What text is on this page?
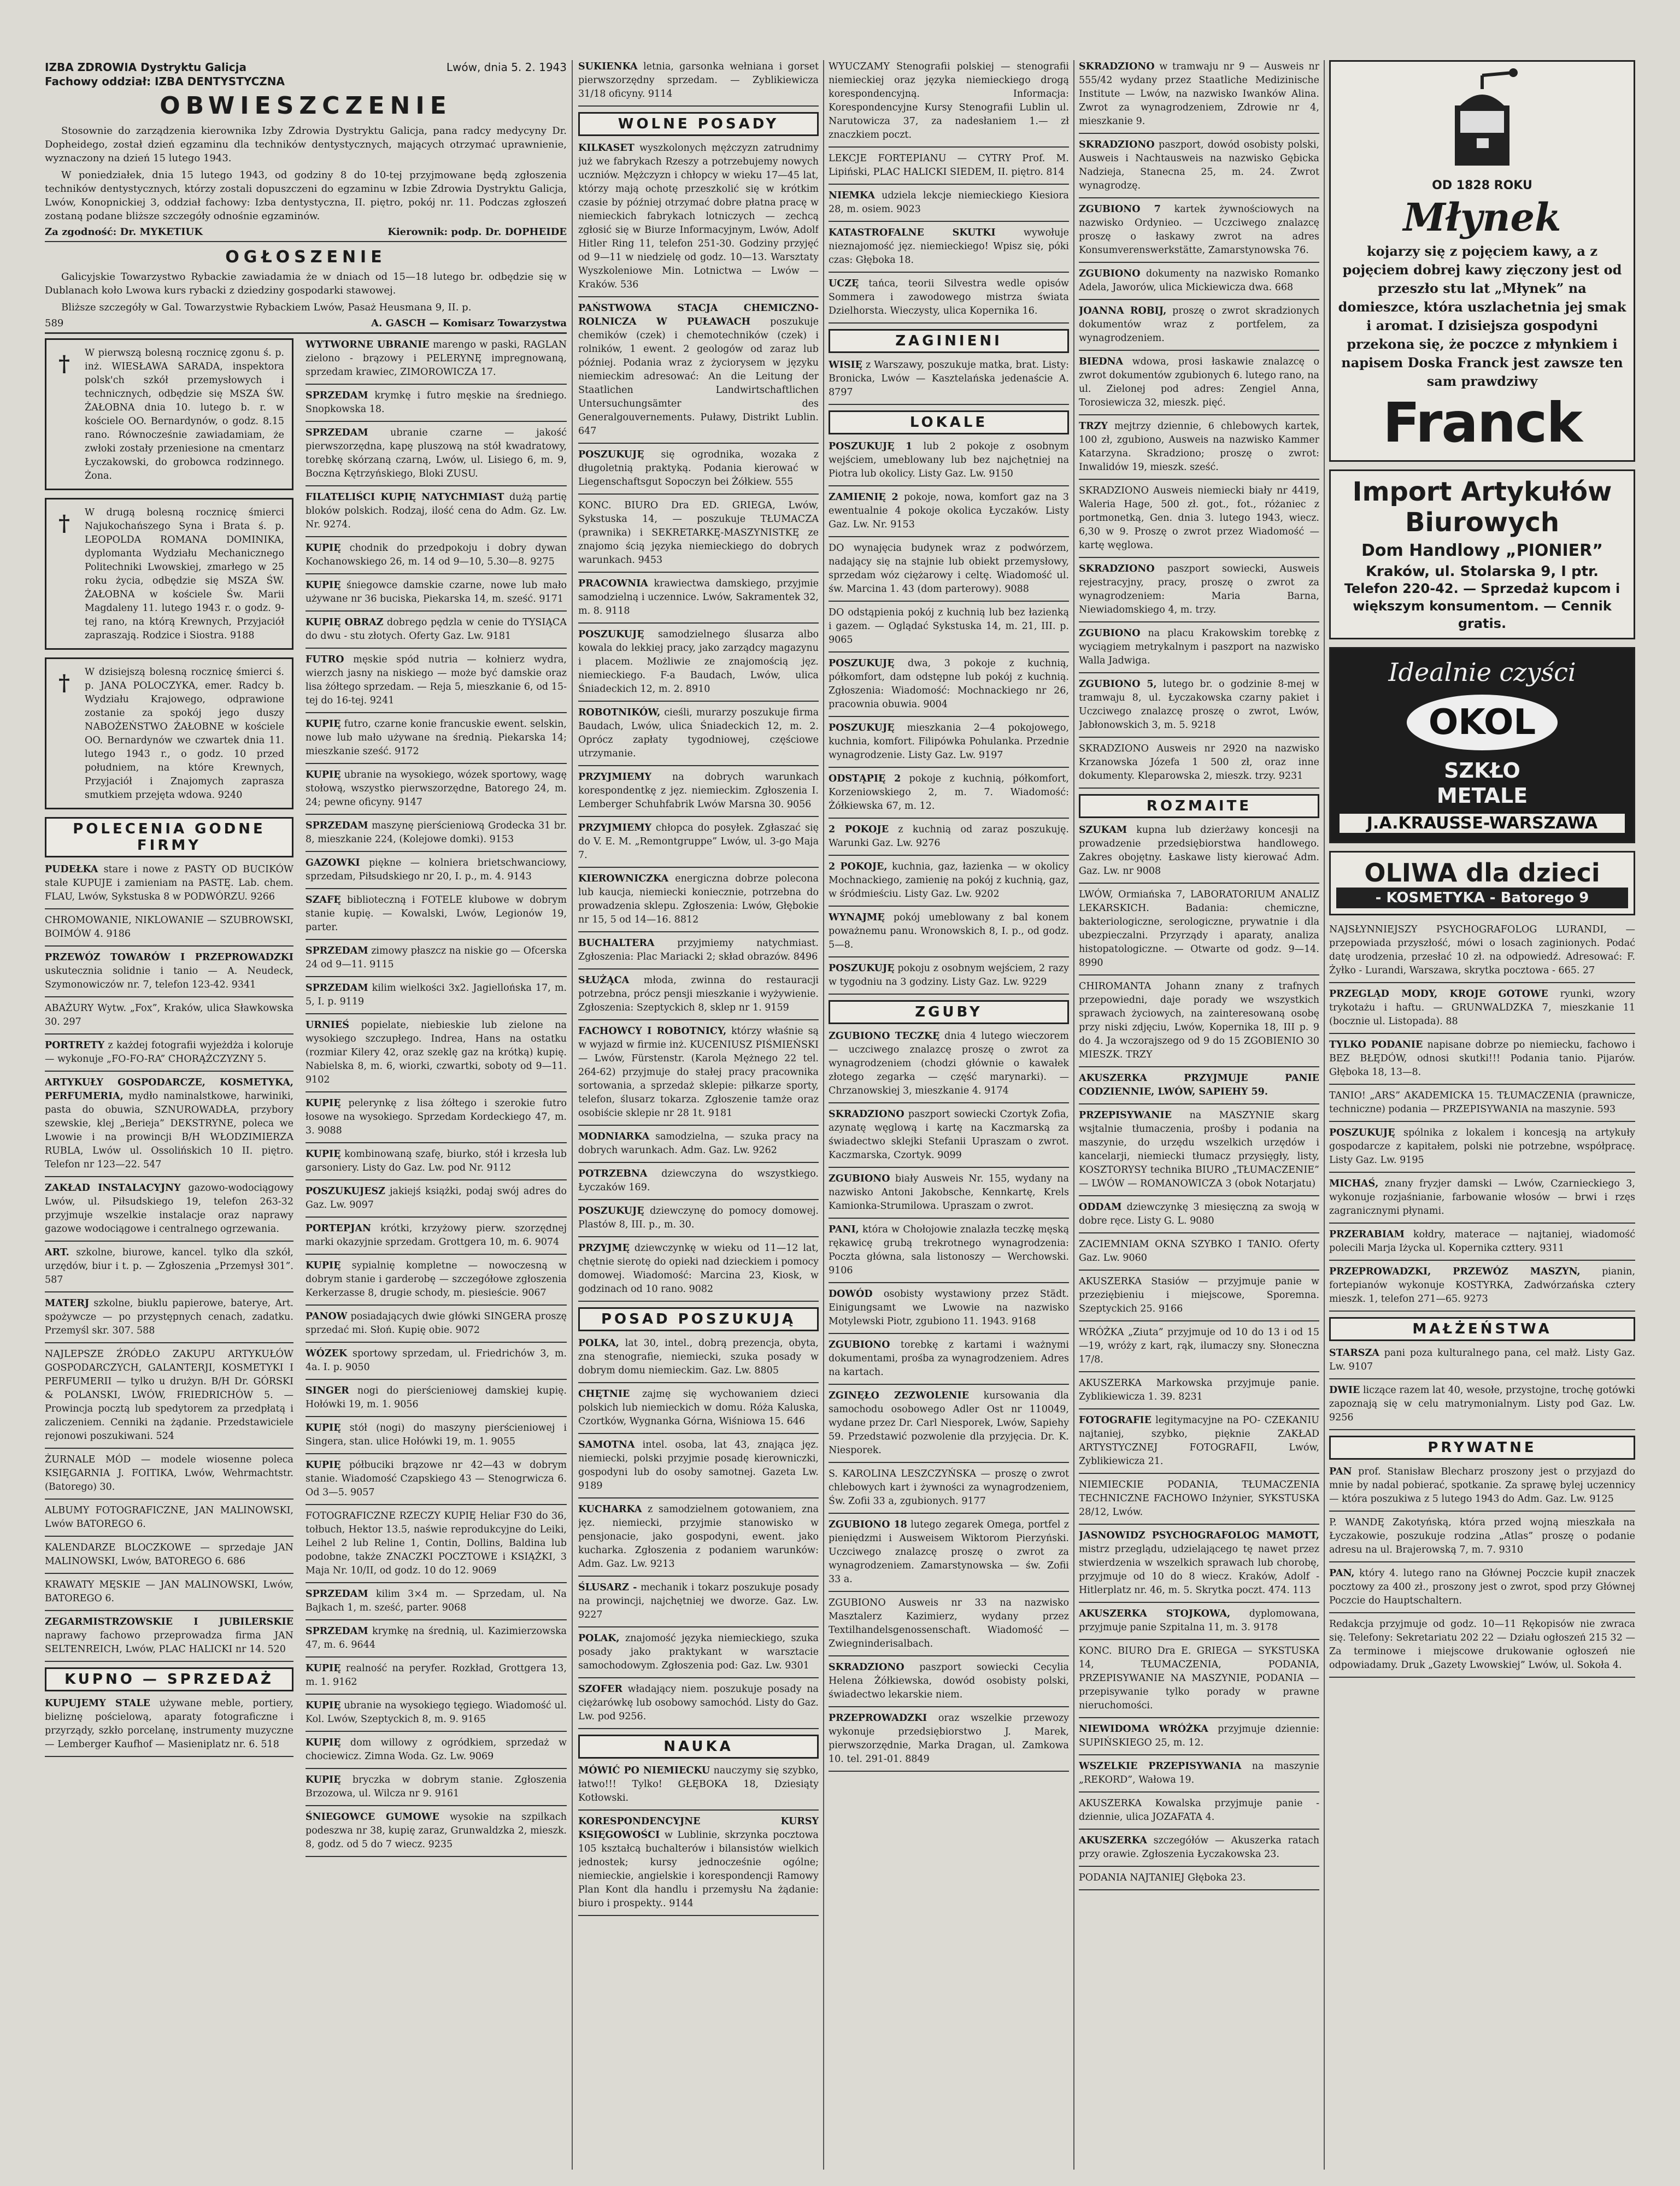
IZBA ZDROWIA Dystryktu Galicja
Fachowy oddział: IZBA DENTYSTYCZNA
Lwów, dnia 5. 2. 1943
OBWIESZCZENIE

Stosownie do zarządzenia kierownika Izby Zdrowia Dystryktu Galicja, pana radcy medycyny Dr. Dopheidego, został dzień egzaminu dla techników dentystycznych, mających otrzymać uprawnienie, wyznaczony na dzień 15 lutego 1943.

W poniedziałek, dnia 15 lutego 1943, od godziny 8 do 10-tej przyjmowane będą zgłoszenia techników dentystycznych, którzy zostali dopuszczeni do egzaminu w Izbie Zdrowia Dystryktu Galicja, Lwów, Konopnickiej 3, oddział fachowy: Izba dentystyczna, II. piętro, pokój nr. 11. Podczas zgłoszeń zostaną podane bliższe szczegóły odnośnie egzaminów.

Za zgodność: Dr. MYKETIUK	Kierownik: podp. Dr. DOPHEIDE
OGŁOSZENIE

Galicyjskie Towarzystwo Rybackie zawiadamia że w dniach od 15—18 lutego br. odbędzie się w Dublanach koło Lwowa kurs rybacki z dziedziny gospodarki stawowej.

Bliższe szczegóły w Gal. Towarzystwie Rybackiem Lwów, Pasaż Heusmana 9, II. p.

589	A. GASCH — Komisarz Towarzystwa
† W pierwszą bolesną rocznicę zgonu ś. p. inż. WIESŁAWA SARADA, inspektora polsk'ch szkół przemysłowych i technicznych, odbędzie się MSZA ŚW. ŻAŁOBNA dnia 10. lutego b. r. w kościele OO. Bernardynów, o godz. 8.15 rano. Równocześnie zawiadamiam, że zwłoki zostały przeniesione na cmentarz Łyczakowski, do grobowca rodzinnego. Żona.
† W drugą bolesną rocznicę śmierci Najukochańszego Syna i Brata ś. p. LEOPOLDA ROMANA DOMINIKA, dyplomanta Wydziału Mechanicznego Politechniki Lwowskiej, zmarłego w 25 roku życia, odbędzie się MSZA ŚW. ŻAŁOBNA w kościele Św. Marii Magdaleny 11. lutego 1943 r. o godz. 9-tej rano, na którą Krewnych, Przyjaciół zapraszają. Rodzice i Siostra. 9188
† W dzisiejszą bolesną rocznicę śmierci ś. p. JANA POLOCZYKA, emer. Radcy b. Wydziału Krajowego, odprawione zostanie za spokój jego duszy NABOŻEŃSTWO ŻAŁOBNE w kościele OO. Bernardynów we czwartek dnia 11. lutego 1943 r., o godz. 10 przed południem, na które Krewnych, Przyjaciół i Znajomych zaprasza smutkiem przejęta wdowa. 9240
POLECENIA GODNE FIRMY

PUDEŁKA stare i nowe z PASTY OD BUCIKÓW stale KUPUJE i zamieniam na PASTĘ. Lab. chem. FLAU, Lwów, Sykstuska 8 w PODWÓRZU. 9266

CHROMOWANIE, NIKLOWANIE — SZUBROWSKI, BOIMÓW 4. 9186

PRZEWÓZ TOWARÓW I PRZEPROWADZKI uskutecznia solidnie i tanio — A. Neudeck, Szymonowiczów nr. 7, telefon 123-42. 9341

ABAŻURY Wytw. „Fox”, Kraków, ulica Sławkowska 30. 297

PORTRETY z każdej fotografii wyjeżdża i koloruje — wykonuje „FO-FO-RA” CHORĄŻCZYZNY 5.

ARTYKUŁY GOSPODARCZE, KOSMETYKA, PERFUMERIA, mydło naminalstkowe, harwiniki, pasta do obuwia, SZNUROWADŁA, przybory szewskie, klej „Berieja” DEKSTRYNE, poleca we Lwowie i na prowincji B/H WŁODZIMIERZA RUBLA, Lwów ul. Ossolińskich 10 II. piętro. Telefon nr 123—22. 547

ZAKŁAD INSTALACYJNY gazowo-wodociągowy Lwów, ul. Piłsudskiego 19, telefon 263-32 przyjmuje wszelkie instalacje oraz naprawy gazowe wodociągowe i centralnego ogrzewania.

ART. szkolne, biurowe, kancel. tylko dla szkół, urzędów, biur i t. p. — Zgłoszenia „Przemysł 301”. 587

MATERJ szkolne, biuklu papierowe, baterye, Art. spożywcze — po przystępnych cenach, zadatku. Przemyśl skr. 307. 588

NAJLEPSZE ŹRÓDŁO ZAKUPU ARTYKUŁÓW GOSPODARCZYCH, GALANTERJI, KOSMETYKI I PERFUMERII — tylko u drużyn. B/H Dr. GÓRSKI & POLANSKI, LWÓW, FRIEDRICHÓW 5. — Prowincja pocztą lub spedytorem za przedpłatą i zaliczeniem. Cenniki na żądanie. Przedstawiciele rejonowi poszukiwani. 524

ŻURNALE MÓD — modele wiosenne poleca KSIĘGARNIA J. FOITIKA, Lwów, Wehrmachtstr. (Batorego) 30.

ALBUMY FOTOGRAFICZNE, JAN MALINOWSKI, Lwów BATOREGO 6.

KALENDARZE BLOCZKOWE — sprzedaje JAN MALINOWSKI, Lwów, BATOREGO 6. 686

KRAWATY MĘSKIE — JAN MALINOWSKI, Lwów, BATOREGO 6.

ZEGARMISTRZOWSKIE I JUBILERSKIE naprawy fachowo przeprowadza firma JAN SELTENREICH, Lwów, PLAC HALICKI nr 14. 520

KUPNO — SPRZEDAŻ

KUPUJEMY STALE używane meble, portiery, bieliznę pościelową, aparaty fotograficzne i przyrządy, szkło porcelanę, instrumenty muzyczne — Lemberger Kaufhof — Masieniplatz nr. 6. 518

WYTWORNE UBRANIE marengo w paski, RAGLAN zielono - brązowy i PELERYNĘ impregnowaną, sprzedam krawiec, ZIMOROWICZA 17.

SPRZEDAM krymkę i futro męskie na średniego. Snopkowska 18.

SPRZEDAM ubranie czarne — jakość pierwszorzędna, kapę pluszową na stół kwadratowy, torebkę skórzaną czarną, Lwów, ul. Lisiego 6, m. 9, Boczna Kętrzyńskiego, Bloki ZUSU.

FILATELIŚCI KUPIĘ NATYCHMIAST dużą partię bloków polskich. Rodzaj, ilość cena do Adm. Gz. Lw. Nr. 9274.

KUPIĘ chodnik do przedpokoju i dobry dywan Kochanowskiego 26, m. 14 od 9—10, 5.30—8. 9275

KUPIĘ śniegowce damskie czarne, nowe lub mało używane nr 36 buciska, Piekarska 14, m. sześć. 9171

KUPIĘ OBRAZ dobrego pędzla w cenie do TYSIĄCA do dwu - stu złotych. Oferty Gaz. Lw. 9181

FUTRO męskie spód nutria — kołnierz wydra, wierzch jasny na niskiego — może być damskie oraz lisa żółtego sprzedam. — Reja 5, mieszkanie 6, od 15-tej do 16-tej. 9241

KUPIĘ futro, czarne konie francuskie ewent. selskin, nowe lub mało używane na średnią. Piekarska 14; mieszkanie sześć. 9172

KUPIĘ ubranie na wysokiego, wózek sportowy, wagę stołową, wszystko pierwszorzędne, Batorego 24, m. 24; pewne oficyny. 9147

SPRZEDAM maszynę pierścieniową Grodecka 31 br. 8, mieszkanie 224, (Kolejowe domki). 9153

GAZOWKI piękne — kolniera brietschwanciowy, sprzedam, Piłsudskiego nr 20, I. p., m. 4. 9143

SZAFĘ biblioteczną i FOTELE klubowe w dobrym stanie kupię. — Kowalski, Lwów, Legionów 19, parter.

SPRZEDAM zimowy płaszcz na niskie go — Ofcerska 24 od 9—11. 9115

SPRZEDAM kilim wielkości 3x2. Jagiellońska 17, m. 5, I. p. 9119

URNIEŚ popielate, niebieskie lub zielone na wysokiego szczupłego. Indrea, Hans na ostatku (rozmiar Kilery 42, oraz szeklę gaz na krótką) kupię. Nabielska 8, m. 6, wiorki, czwartki, soboty od 9—11. 9102

KUPIĘ pelerynkę z lisa żółtego i szerokie futro łosowe na wysokiego. Sprzedam Kordeckiego 47, m. 3. 9088

KUPIĘ kombinowaną szafę, biurko, stół i krzesła lub garsoniery. Listy do Gaz. Lw. pod Nr. 9112

POSZUKUJESZ jakiejś książki, podaj swój adres do Gaz. Lw. 9097

PORTEPJAN krótki, krzyżowy pierw. szorzędnej marki okazyjnie sprzedam. Grottgera 10, m. 6. 9074

KUPIĘ sypialnię kompletne — nowoczesną w dobrym stanie i garderobę — szczegółowe zgłoszenia Kerkerzasse 8, drugie schody, m. piesieście. 9067

PANOW posiadających dwie główki SINGERA proszę sprzedać mi. Słoń. Kupię obie. 9072

WÓZEK sportowy sprzedam, ul. Friedrichów 3, m. 4a. I. p. 9050

SINGER nogi do pierścieniowej damskiej kupię. Hołówki 19, m. 1. 9056

KUPIĘ stół (nogi) do maszyny pierścieniowej i Singera, stan. ulice Hołówki 19, m. 1. 9055

KUPIĘ półbuciki brązowe nr 42—43 w dobrym stanie. Wiadomość Czapskiego 43 — Stenogrwicza 6. Od 3—5. 9057

FOTOGRAFICZNE RZECZY KUPIĘ Heliar F30 do 36, tołbuch, Hektor 13.5, naświe reprodukcyjne do Leiki, Leihel 2 lub Reline 1, Contin, Dollins, Baldina lub podobne, także ZNACZKI POCZTOWE i KSIĄŻKI, 3 Maja Nr. 10/II, od godz. 10 do 12. 9069

SPRZEDAM kilim 3×4 m. — Sprzedam, ul. Na Bajkach 1, m. sześć, parter. 9068

SPRZEDAM krymkę na średnią, ul. Kazimierzowska 47, m. 6. 9644

KUPIĘ realność na peryfer. Rozkład, Grottgera 13, m. 1. 9162

KUPIĘ ubranie na wysokiego tęgiego. Wiadomość ul. Kol. Lwów, Szeptyckich 8, m. 9. 9165

KUPIĘ dom willowy z ogródkiem, sprzedaż w chociewicz. Zimna Woda. Gz. Lw. 9069

KUPIĘ bryczka w dobrym stanie. Zgłoszenia Brzozowa, ul. Wilcza nr 9. 9161

ŚNIEGOWCE GUMOWE wysokie na szpilkach podeszwa nr 38, kupię zaraz, Grunwaldzka 2, mieszk. 8, godz. od 5 do 7 wiecz. 9235

SUKIENKA letnia, garsonka wełniana i gorset pierwszorzędny sprzedam. — Zyblikiewicza 31/18 oficyny. 9114

WOLNE POSADY

KILKASET wyszkolonych mężczyzn zatrudnimy już we fabrykach Rzeszy a potrzebujemy nowych uczniów. Mężczyzn i chłopcy w wieku 17—45 lat, którzy mają ochotę przeszkolić się w krótkim czasie by później otrzymać dobre płatna pracę w niemieckich fabrykach lotniczych — zechcą zgłosić się w Biurze Informacyjnym, Lwów, Adolf Hitler Ring 11, telefon 251-30. Godziny przyjęć od 9—11 w niedzielę od godz. 10—13. Warsztaty Wyszkoleniowe Min. Lotnictwa — Lwów — Kraków. 536

PAŃSTWOWA STACJA CHEMICZNO-ROLNICZA W PUŁAWACH poszukuje chemików (czek) i chemotechników (czek) i rolników, 1 ewent. 2 geologów od zaraz lub później. Podania wraz z życiorysem w języku niemieckim adresować: An die Leitung der Staatlichen Landwirtschaftlichen Untersuchungsämter des Generalgouvernements. Puławy, Distrikt Lublin. 647

POSZUKUJĘ się ogrodnika, wozaka z długoletnią praktyką. Podania kierować w Liegenschaftsgut Sopoczyn bei Żółkiew. 555

KONC. BIURO Dra ED. GRIEGA, Lwów, Sykstuska 14, — poszukuje TŁUMACZA (prawnika) i SEKRETARKĘ-MASZYNISTKĘ ze znajomo ścią języka niemieckiego do dobrych warunkach. 9453

PRACOWNIA krawiectwa damskiego, przyjmie samodzielną i uczennice. Lwów, Sakramentek 32, m. 8. 9118

POSZUKUJĘ samodzielnego ślusarza albo kowala do lekkiej pracy, jako zarządcy magazynu i placem. Możliwie ze znajomością jęz. niemieckiego. F-a Baudach, Lwów, ulica Śniadeckich 12, m. 2. 8910

ROBOTNIKÓW, cieśli, murarzy poszukuje firma Baudach, Lwów, ulica Śniadeckich 12, m. 2. Oprócz zapłaty tygodniowej, częściowe utrzymanie.

PRZYJMIEMY na dobrych warunkach korespondentkę z jęz. niemieckim. Zgłoszenia I. Lemberger Schuhfabrik Lwów Marsna 30. 9056

PRZYJMIEMY chłopca do posyłek. Zgłaszać się do V. E. M. „Remontgruppe” Lwów, ul. 3-go Maja 7.

KIEROWNICZKA energiczna dobrze polecona lub kaucja, niemiecki koniecznie, potrzebna do prowadzenia sklepu. Zgłoszenia: Lwów, Głębokie nr 15, 5 od 14—16. 8812

BUCHALTERA przyjmiemy natychmiast. Zgłoszenia: Plac Mariacki 2; skład obrazów. 8496

SŁUŻĄCA młoda, zwinna do restauracji potrzebna, prócz pensji mieszkanie i wyżywienie. Zgłoszenia: Szeptyckich 8, sklep nr 1. 9159

FACHOWCY I ROBOTNICY, którzy właśnie są w wyjazd w firmie inż. KUCENIUSZ PIŚMIEŃSKI — Lwów, Fürstenstr. (Karola Mężnego 22 tel. 264-62) przyjmuje do stałej pracy pracownika sortowania, a sprzedaż sklepie: piłkarze sporty, telefon, ślusarz tokarza. Zgłoszenie tamże oraz osobiście sklepie nr 28 1t. 9181

MODNIARKA samodzielna, — szuka pracy na dobrych warunkach. Adm. Gaz. Lw. 9262

POTRZEBNA dziewczyna do wszystkiego. Łyczaków 169.

POSZUKUJĘ dziewczynę do pomocy domowej. Plastów 8, III. p., m. 30.

PRZYJMĘ dziewczynkę w wieku od 11—12 lat, chętnie sierotę do opieki nad dzieckiem i pomocy domowej. Wiadomość: Marcina 23, Kiosk, w godzinach od 10 rano. 9082

POSAD POSZUKUJĄ

POLKA, lat 30, intel., dobrą prezencja, obyta, zna stenografie, niemiecki, szuka posady w dobrym domu niemieckim. Gaz. Lw. 8805

CHĘTNIE zajmę się wychowaniem dzieci polskich lub niemieckich w domu. Róża Kaluska, Czortków, Wygnanka Górna, Wiśniowa 15. 646

SAMOTNA intel. osoba, lat 43, znająca jęz. niemiecki, polski przyjmie posadę kierowniczki, gospodyni lub do osoby samotnej. Gazeta Lw. 9189

KUCHARKA z samodzielnem gotowaniem, zna jęz. niemiecki, przyjmie stanowisko w pensjonacie, jako gospodyni, ewent. jako kucharka. Zgłoszenia z podaniem warunków: Adm. Gaz. Lw. 9213

ŚLUSARZ - mechanik i tokarz poszukuje posady na prowincji, najchętniej we dworze. Gaz. Lw. 9227

POLAK, znajomość języka niemieckiego, szuka posady jako praktykant w warsztacie samochodowym. Zgłoszenia pod: Gaz. Lw. 9301

SZOFER władający niem. poszukuje posady na ciężarówkę lub osobowy samochód. Listy do Gaz. Lw. pod 9256.

NAUKA

MÓWIĆ PO NIEMIECKU nauczymy się szybko, łatwo!!! Tylko! GŁĘBOKA 18, Dziesiąty Kotłowski.

KORESPONDENCYJNE KURSY KSIĘGOWOŚCI w Lublinie, skrzynka pocztowa 105 kształcą buchalterów i bilansistów wielkich jednostek; kursy jednocześnie ogólne; niemieckie, angielskie i korespondencji Ramowy Plan Kont dla handlu i przemysłu Na żądanie: biuro i prospekty.. 9144

WYUCZAMY Stenografii polskiej — stenografii niemieckiej oraz języka niemieckiego drogą korespondencyjną. Informacja: Korespondencyjne Kursy Stenografii Lublin ul. Narutowicza 37, za nadesłaniem 1.— zł znaczkiem poczt.

LEKCJE FORTEPIANU — CYTRY Prof. M. Lipiński, PLAC HALICKI SIEDEM, II. piętro. 814

NIEMKA udziela lekcje niemieckiego Kiesiora 28, m. osiem. 9023

KATASTROFALNE SKUTKI wywołuje nieznajomość jęz. niemieckiego! Wpisz się, póki czas: Głęboka 18.

UCZĘ tańca, teorii Silvestra wedle opisów Sommera i zawodowego mistrza świata Dzielhorsta. Wieczysty, ulica Kopernika 16.

ZAGINIENI

WISIĘ z Warszawy, poszukuje matka, brat. Listy: Bronicka, Lwów — Kasztelańska jedenaście A. 8797

LOKALE

POSZUKUJĘ 1 lub 2 pokoje z osobnym wejściem, umeblowany lub bez najchętniej na Piotra lub okolicy. Listy Gaz. Lw. 9150

ZAMIENIĘ 2 pokoje, nowa, komfort gaz na 3 ewentualnie 4 pokoje okolica Łyczaków. Listy Gaz. Lw. Nr. 9153

DO wynajęcia budynek wraz z podwórzem, nadający się na stajnie lub obiekt przemysłowy, sprzedam wóz ciężarowy i celtę. Wiadomość ul. św. Marcina 1. 43 (dom parterowy). 9088

DO odstąpienia pokój z kuchnią lub bez łazienką i gazem. — Oglądać Sykstuska 14, m. 21, III. p. 9065

POSZUKUJĘ dwa, 3 pokoje z kuchnią, półkomfort, dam odstępne lub pokój z kuchnią. Zgłoszenia: Wiadomość: Mochnackiego nr 26, pracownia obuwia. 9004

POSZUKUJĘ mieszkania 2—4 pokojowego, kuchnia, komfort. Filipówka Pohulanka. Przednie wynagrodzenie. Listy Gaz. Lw. 9197

ODSTĄPIĘ 2 pokoje z kuchnią, półkomfort, Korzeniowskiego 2, m. 7. Wiadomość: Żółkiewska 67, m. 12.

2 POKOJE z kuchnią od zaraz poszukuję. Warunki Gaz. Lw. 9276

2 POKOJE, kuchnia, gaz, łazienka — w okolicy Mochnackiego, zamienię na pokój z kuchnią, gaz, w śródmieściu. Listy Gaz. Lw. 9202

WYNAJMĘ pokój umeblowany z bal konem poważnemu panu. Wronowskich 8, I. p., od godz. 5—8.

POSZUKUJĘ pokoju z osobnym wejściem, 2 razy w tygodniu na 3 godziny. Listy Gaz. Lw. 9229

ZGUBY

ZGUBIONO TECZKĘ dnia 4 lutego wieczorem — uczciwego znalazcę proszę o zwrot za wynagrodzeniem (chodzi głównie o kawałek złotego zegarka — część marynarki). — Chrzanowskiej 3, mieszkanie 4. 9174

SKRADZIONO paszport sowiecki Czortyk Zofia, azynatę węglową i kartę na Kaczmarską za świadectwo sklejki Stefanii Upraszam o zwrot. Kaczmarska, Czortyk. 9099

ZGUBIONO biały Ausweis Nr. 155, wydany na nazwisko Antoni Jakobsche, Kennkartę, Krels Kamionka-Strumilowa. Upraszam o zwrot.

PANI, która w Chołojowie znalazła teczkę męską rękawicę grubą trekrotnego wynagrodzenia: Poczta główna, sala listonoszy — Werchowski. 9106

DOWÓD osobisty wystawiony przez Städt. Einigungsamt we Lwowie na nazwisko Motylewski Piotr, zgubiono 11. 1943. 9168

ZGUBIONO torebkę z kartami i ważnymi dokumentami, prośba za wynagrodzeniem. Adres na kartach.

ZGINĘŁO ZEZWOLENIE kursowania dla samochodu osobowego Adler Ost nr 110049, wydane przez Dr. Carl Niesporek, Lwów, Sapiehy 59. Przedstawić pozwolenie dla przyjęcia. Dr. K. Niesporek.

S. KAROLINA LESZCZYŃSKA — proszę o zwrot chlebowych kart i żywności za wynagrodzeniem, Św. Zofii 33 a, zgubionych. 9177

ZGUBIONO 18 lutego zegarek Omega, portfel z pieniędzmi i Ausweisem Wiktorom Pierzyński. Uczciwego znalazcę proszę o zwrot za wynagrodzeniem. Zamarstynowska — św. Zofii 33 a.

ZGUBIONO Ausweis nr 33 na nazwisko Masztalerz Kazimierz, wydany przez Textilhandelsgenossenschaft. Wiadomość — Zwiegninderisalbach.

SKRADZIONO paszport sowiecki Cecylia Helena Żółkiewska, dowód osobisty polski, świadectwo lekarskie niem.

PRZEPROWADZKI oraz wszelkie przewozy wykonuje przedsiębiorstwo J. Marek, pierwszorzędnie, Marka Dragan, ul. Zamkowa 10. tel. 291-01. 8849

SKRADZIONO w tramwaju nr 9 — Ausweis nr 555/42 wydany przez Staatliche Medizinische Institute — Lwów, na nazwisko Iwanków Alina. Zwrot za wynagrodzeniem, Zdrowie nr 4, mieszkanie 9.

SKRADZIONO paszport, dowód osobisty polski, Ausweis i Nachtausweis na nazwisko Gębicka Nadzieja, Stanecna 25, m. 24. Zwrot wynagrodzę.

ZGUBIONO 7 kartek żywnościowych na nazwisko Ordynieo. — Uczciwego znalazcę proszę o łaskawy zwrot na adres Konsumverenswerkstätte, Zamarstynowska 76.

ZGUBIONO dokumenty na nazwisko Romanko Adela, Jaworów, ulica Mickiewicza dwa. 668

JOANNA ROBIJ, proszę o zwrot skradzionych dokumentów wraz z portfelem, za wynagrodzeniem.

BIEDNA wdowa, prosi łaskawie znalazcę o zwrot dokumentów zgubionych 6. lutego rano, na ul. Zielonej pod adres: Zengiel Anna, Torosiewicza 32, mieszk. pięć.

TRZY mejtrzy dziennie, 6 chlebowych kartek, 100 zł, zgubiono, Ausweis na nazwisko Kammer Katarzyna. Skradziono; proszę o zwrot: Inwalidów 19, mieszk. sześć.

SKRADZIONO Ausweis niemiecki biały nr 4419, Waleria Hage, 500 zł. got., fot., różaniec z portmonetką, Gen. dnia 3. lutego 1943, wiecz. 6,30 w 9. Proszę o zwrot przez Wiadomość — kartę węglowa.

SKRADZIONO paszport sowiecki, Ausweis rejestracyjny, pracy, proszę o zwrot za wynagrodzeniem: Maria Barna, Niewiadomskiego 4, m. trzy.

ZGUBIONO na placu Krakowskim torebkę z wyciągiem metrykalnym i paszport na nazwisko Walla Jadwiga.

ZGUBIONO 5, lutego br. o godzinie 8-mej w tramwaju 8, ul. Łyczakowska czarny pakiet i Uczciwego znalazcę proszę o zwrot, Lwów, Jabłonowskich 3, m. 5. 9218

SKRADZIONO Ausweis nr 2920 na nazwisko Krzanowska Józefa 1 500 zł, oraz inne dokumenty. Kleparowska 2, mieszk. trzy. 9231

ROZMAITE

SZUKAM kupna lub dzierżawy koncesji na prowadzenie przedsiębiorstwa handlowego. Zakres obojętny. Łaskawe listy kierować Adm. Gaz. Lw. nr 9008

LWÓW, Ormiańska 7, LABORATORIUM ANALIZ LEKARSKICH. Badania: chemiczne, bakteriologiczne, serologiczne, prywatnie i dla ubezpieczalni. Przyrządy i aparaty, analiza histopatologiczne. — Otwarte od godz. 9—14. 8990

CHIROMANTA Johann znany z trafnych przepowiedni, daje porady we wszystkich sprawach życiowych, na zainteresowaną osobę przy niski zdjęciu, Lwów, Kopernika 18, III p. 9 do 4. Ja wczorajszego od 9 do 15 ZGOBIENIO 30 MIESZK. TRZY

AKUSZERKA PRZYJMUJE PANIE CODZIENNIE, LWÓW, SAPIEHY 59.

PRZEPISYWANIE na MASZYNIE skarg wsjtalnie tłumaczenia, prośby i podania na maszynie, do urzędu wszelkich urzędów i kancelarji, niemiecki tłumacz przysięgły, listy, KOSZTORYSY technika BIURO „TŁUMACZENIE” — LWÓW — ROMANOWICZA 3 (obok Notarjatu)

ODDAM dziewczynkę 3 miesięczną za swoją w dobre ręce. Listy G. L. 9080

ZACIEMNIAM OKNA SZYBKO I TANIO. Oferty Gaz. Lw. 9060

AKUSZERKA Stasiów — przyjmuje panie w przeziębieniu i miejscowe, Sporemna. Szeptyckich 25. 9166

WRÓŻKA „Ziuta” przyjmuje od 10 do 13 i od 15—19, wróży z kart, rąk, ilumaczy sny. Słoneczna 17/8.

AKUSZERKA Markowska przyjmuje panie. Zyblikiewicza 1. 39. 8231

FOTOGRAFIE legitymacyjne na PO- CZEKANIU najtaniej, szybko, pięknie ZAKŁAD ARTYSTYCZNEJ FOTOGRAFII, Lwów, Zyblikiewicza 21.

NIEMIECKIE PODANIA, TŁUMACZENIA TECHNICZNE FACHOWO Inżynier, SYKSTUSKA 28/12, Lwów.

JASNOWIDZ PSYCHOGRAFOLOG MAMOTT, mistrz przeglądu, udzielającego tę nawet przez stwierdzenia w wszelkich sprawach lub chorobę, przyjmuje od 10 do 8 wiecz. Kraków, Adolf - Hitlerplatz nr. 46, m. 5. Skrytka poczt. 474. 113

AKUSZERKA STOJKOWA, dyplomowana, przyjmuje panie Szpitalna 11, m. 3. 9178

KONC. BIURO Dra E. GRIEGA — SYKSTUSKA 14, TŁUMACZENIA, PODANIA, PRZEPISYWANIE NA MASZYNIE, PODANIA — przepisywanie tylko porady w prawne nieruchomości.

NIEWIDOMA WRÓŻKA przyjmuje dziennie: SUPIŃSKIEGO 25, m. 12.

WSZELKIE PRZEPISYWANIA na maszynie „REKORD”, Wałowa 19.

AKUSZERKA Kowalska przyjmuje panie - dziennie, ulica JOZAFATA 4.

AKUSZERKA szczegółów — Akuszerka ratach przy orawie. Zgłoszenia Łyczakowska 23.

PODANIA NAJTANIEJ Głęboka 23.

OD 1828 ROKU
Młynek
kojarzy się z pojęciem kawy, a z pojęciem dobrej kawy zięczony jest od przeszło stu lat „Młynek” na domieszce, która uszlachetnia jej smak i aromat. I dzisiejsza gospodyni przekona się, że poczce z młynkiem i napisem Doska Franck jest zawsze ten sam prawdziwy
Franck
Import Artykułów Biurowych
Dom Handlowy „PIONIER”
Kraków, ul. Stolarska 9, I ptr.
Telefon 220-42. — Sprzedaż kupcom i większym konsumentom. — Cennik gratis.
Idealnie czyści
OKOL
SZKŁO
METALE
J.A.KRAUSSE-WARSZAWA
OLIWA dla dzieci
- KOSMETYKA - Batorego 9

NAJSŁYNNIEJSZY PSYCHOGRAFOLOG LURANDI, — przepowiada przyszłość, mówi o losach zaginionych. Podać datę urodzenia, przesłać 10 zł. na odpowiedź. Adresować: F. Żyłko - Lurandi, Warszawa, skrytka pocztowa - 665. 27

PRZEGLĄD MODY, KROJE GOTOWE ryunki, wzory trykotażu i haftu. — GRUNWALDZKA 7, mieszkanie 11 (bocznie ul. Listopada). 88

TYLKO PODANIE napisane dobrze po niemiecku, fachowo i BEZ BŁĘDÓW, odnosi skutki!!! Podania tanio. Pijarów. Głęboka 18, 13—8.

TANIO! „ARS” AKADEMICKA 15. TŁUMACZENIA (prawnicze, techniczne) podania — PRZEPISYWANIA na maszynie. 593

POSZUKUJĘ spólnika z lokalem i koncesją na artykuły gospodarcze z kapitałem, polski nie potrzebne, współpracę. Listy Gaz. Lw. 9195

MICHAŚ, znany fryzjer damski — Lwów, Czarnieckiego 3, wykonuje rozjaśnianie, farbowanie włosów — brwi i rzęs zagranicznymi płynami.

PRZERABIAM kołdry, materace — najtaniej, wiadomość polecili Marja Iżycka ul. Kopernika czttery. 9311

PRZEPROWADZKI, PRZEWÓZ MASZYN, pianin, fortepianów wykonuje KOSTYRKA, Zadwórzańska cztery mieszk. 1, telefon 271—65. 9273

MAŁŻEŃSTWA

STARSZA pani poza kulturalnego pana, cel małż. Listy Gaz. Lw. 9107

DWIE liczące razem lat 40, wesołe, przystojne, trochę gotówki zapoznają się w celu matrymonialnym. Listy pod Gaz. Lw. 9256

PRYWATNE

PAN prof. Stanisław Blecharz proszony jest o przyjazd do mnie by nadal pobierać, spotkanie. Za sprawę bylej uczennicy — która poszukiwa z 5 lutego 1943 do Adm. Gaz. Lw. 9125

P. WANDĘ Zakotyńską, która przed wojną mieszkała na Łyczakowie, poszukuje rodzina „Atlas” proszę o podanie adresu na ul. Brajerowską 7, m. 7. 9310

PAN, który 4. lutego rano na Głównej Poczcie kupił znaczek pocztowy za 400 zł., proszony jest o zwrot, spod przy Głównej Poczcie do Hauptschaltern.

Redakcja przyjmuje od godz. 10—11 Rękopisów nie zwraca się. Telefony: Sekretariatu 202 22 — Działu ogłoszeń 215 32 — Za terminowe i miejscowe drukowanie ogłoszeń nie odpowiadamy. Druk „Gazety Lwowskiej” Lwów, ul. Sokoła 4.
